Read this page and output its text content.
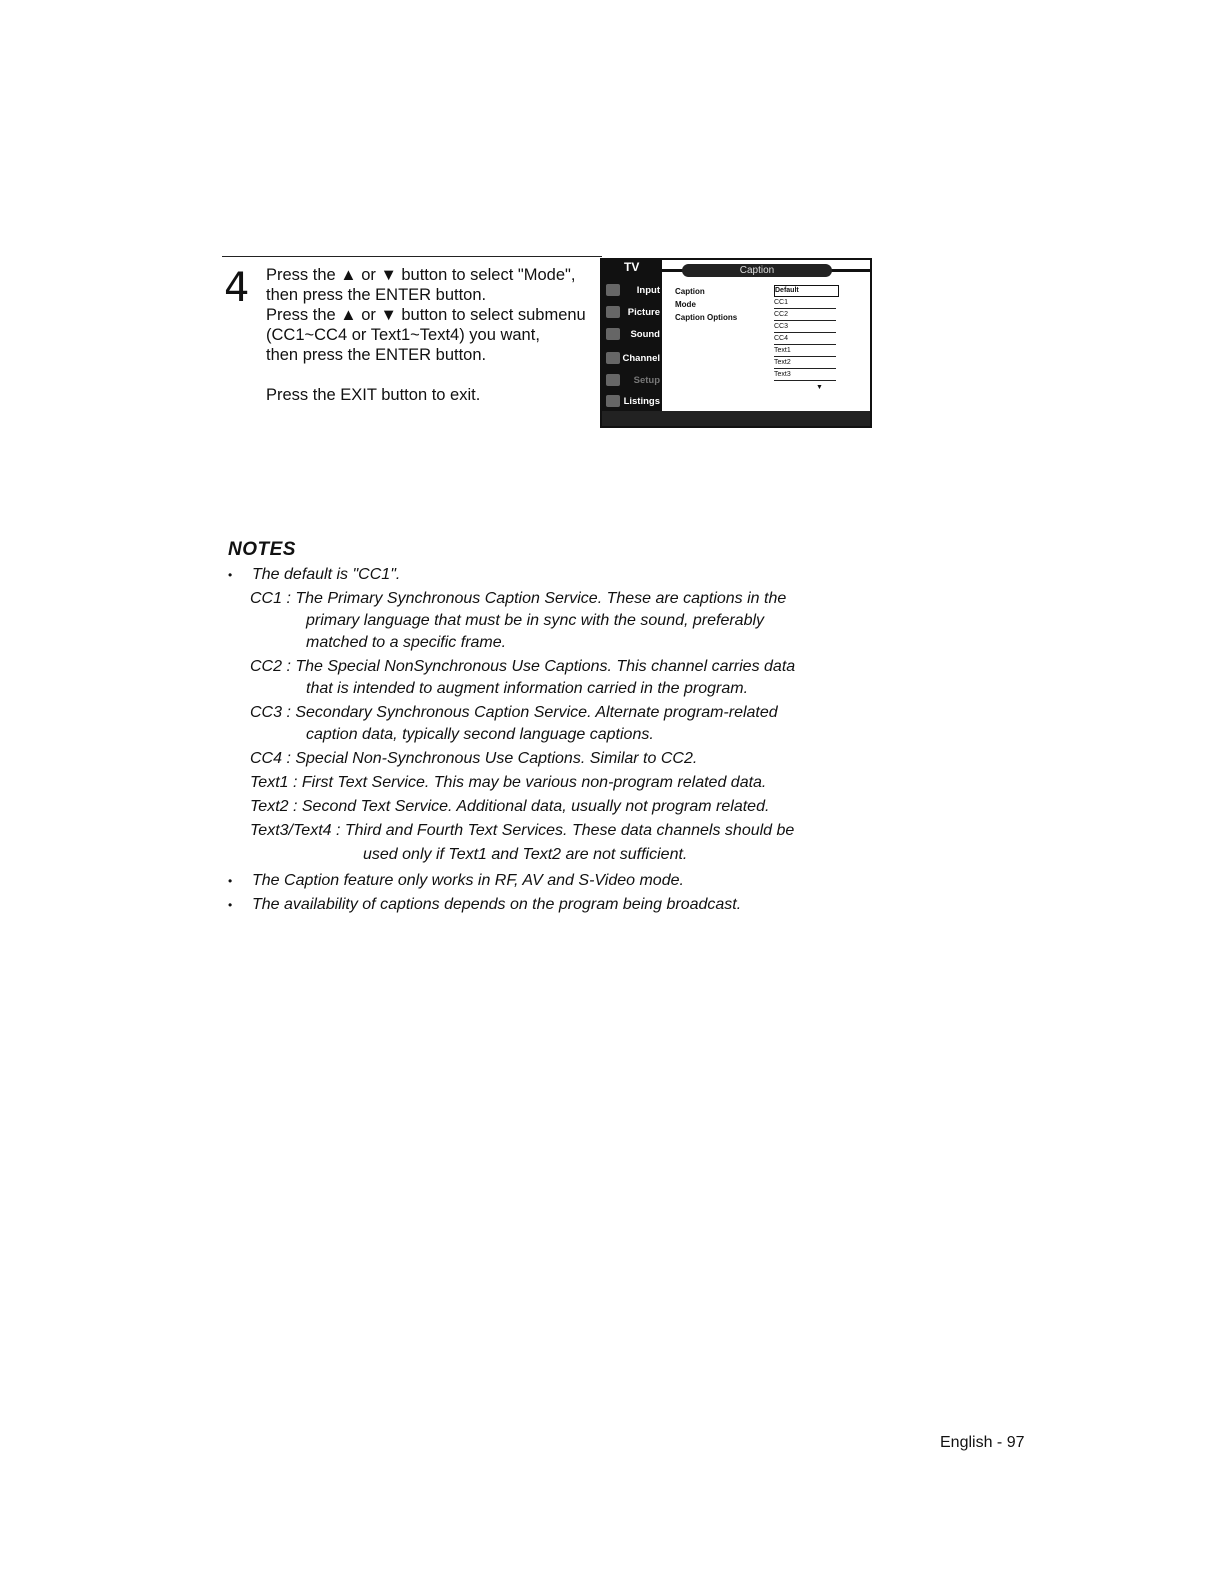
4 Press the ▲ or ▼ button to select "Mode",
then press the ENTER button.
Press the ▲ or ▼ button to select submenu
(CC1~CC4 or Text1~Text4) you want,
then press the ENTER button.
Press the EXIT button to exit.
TV	Caption
Input
Picture
Sound
Channel
Setup
Listings
Caption
Mode
Caption Options
Default
CC1
CC2
CC3
CC4
Text1
Text2
Text3
▼
NOTES
• The default is "CC1".
CC1 : The Primary Synchronous Caption Service. These are captions in the
primary language that must be in sync with the sound, preferably
matched to a specific frame.
CC2 : The Special NonSynchronous Use Captions. This channel carries data
that is intended to augment information carried in the program.
CC3 : Secondary Synchronous Caption Service. Alternate program-related
caption data, typically second language captions.
CC4 : Special Non-Synchronous Use Captions. Similar to CC2.
Text1 : First Text Service. This may be various non-program related data.
Text2 : Second Text Service. Additional data, usually not program related.
Text3/Text4 : Third and Fourth Text Services. These data channels should be
used only if Text1 and Text2 are not sufficient.
• The Caption feature only works in RF, AV and S-Video mode.
• The availability of captions depends on the program being broadcast.
English - 97
